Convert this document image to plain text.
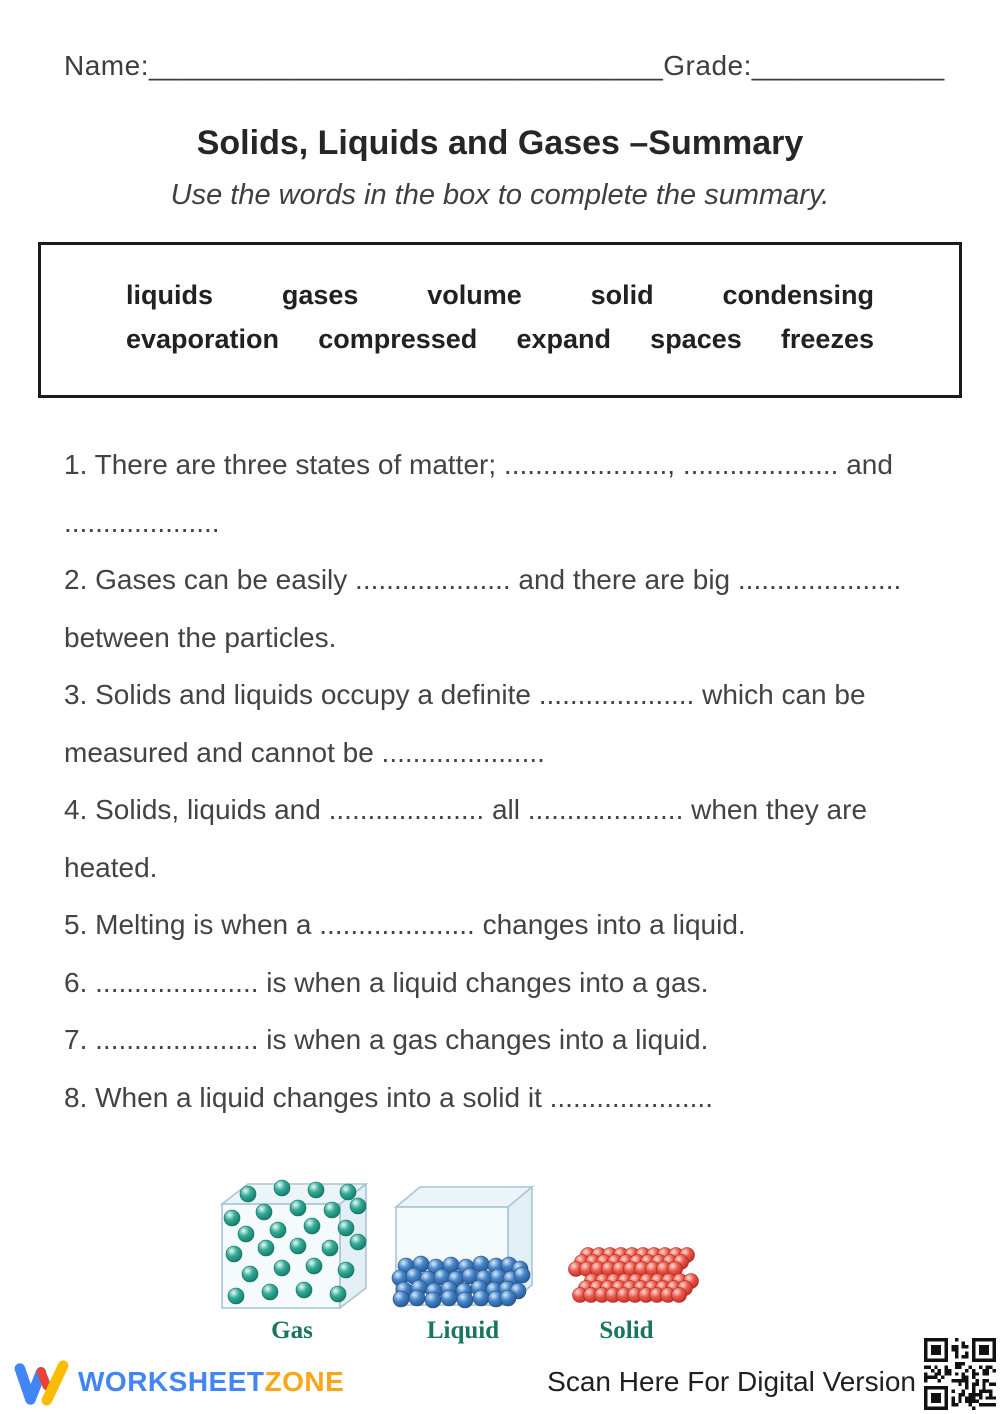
Name:________________________________ Grade:____________
Solids, Liquids and Gases –Summary
Use the words in the box to complete the summary.
liquids	gases	volume	solid	condensing
evaporation compressed expand spaces freezes
1. There are three states of matter; ....................., .................... and
....................
2. Gases can be easily .................... and there are big .....................
between the particles.
3. Solids and liquids occupy a definite .................... which can be
measured and cannot be .....................
4. Solids, liquids and .................... all .................... when they are
heated.
5. Melting is when a .................... changes into a liquid.
6. ..................... is when a liquid changes into a gas.
7. ..................... is when a gas changes into a liquid.
8. When a liquid changes into a solid it .....................
Gas	Liquid	Solid
WORKSHEETZONE	Scan Here For Digital Version
